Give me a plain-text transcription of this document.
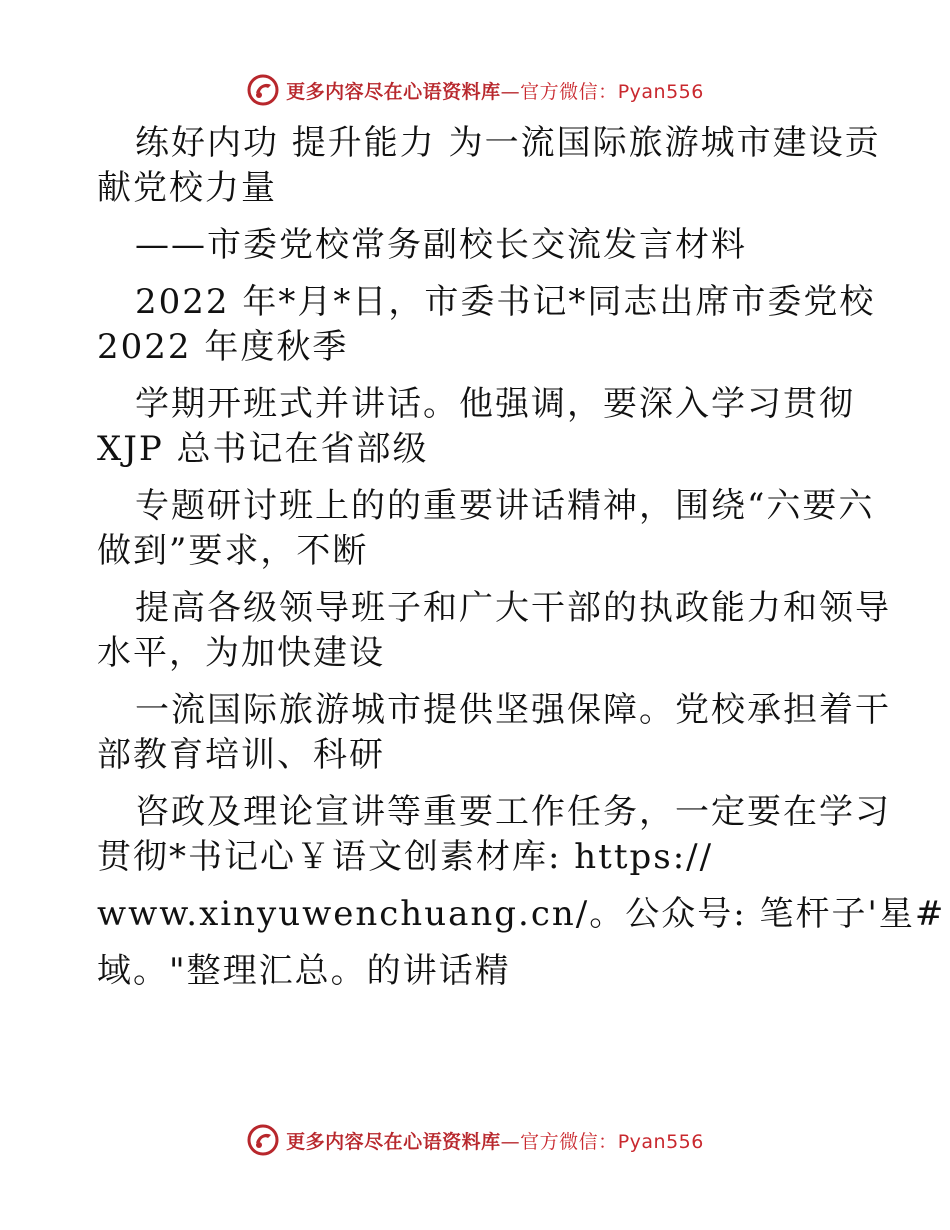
更多内容尽在心语资料库—官方微信：Pyan556
练好内功 提升能力 为一流国际旅游城市建设贡
献党校力量
——市委党校常务副校长交流发言材料
2022 年*月*日，市委书记*同志出席市委党校
2022 年度秋季
学期开班式并讲话。他强调，要深入学习贯彻
XJP 总书记在省部级
专题研讨班上的的重要讲话精神，围绕“六要六
做到”要求，不断
提高各级领导班子和广大干部的执政能力和领导
水平，为加快建设
一流国际旅游城市提供坚强保障。党校承担着干
部教育培训、科研
咨政及理论宣讲等重要工作任务，一定要在学习
贯彻*书记心￥语文创素材库: https://
www.xinyuwenchuang.cn/。公众号: 笔杆子'星#
域。"整理汇总。的讲话精
更多内容尽在心语资料库—官方微信：Pyan556
